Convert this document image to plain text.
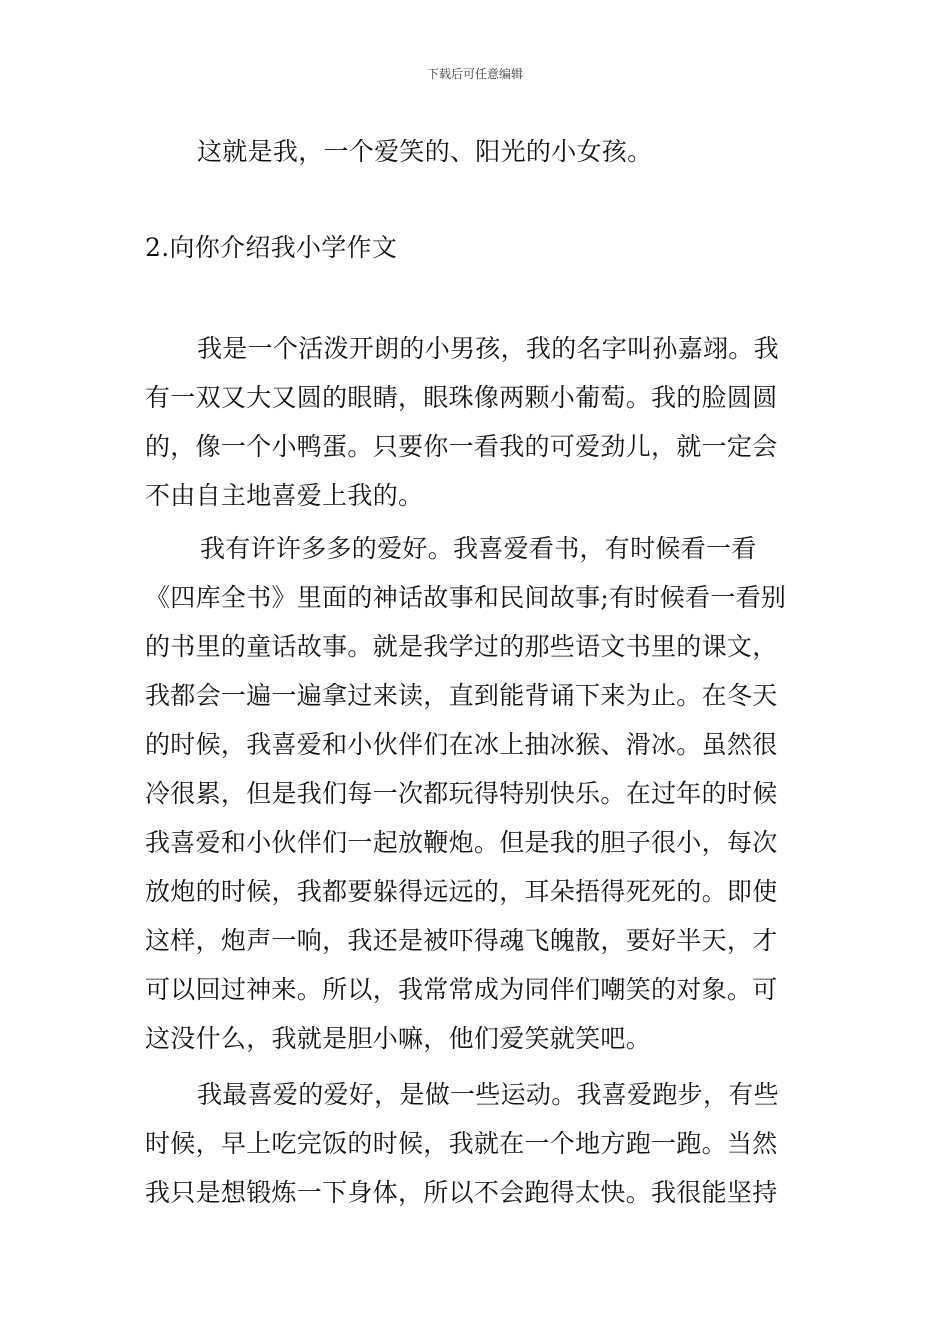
下载后可任意编辑
这就是我，一个爱笑的、阳光的小女孩。
2.向你介绍我小学作文
我是一个活泼开朗的小男孩，我的名字叫孙嘉翊。我
有一双又大又圆的眼睛，眼珠像两颗小葡萄。我的脸圆圆
的，像一个小鸭蛋。只要你一看我的可爱劲儿，就一定会
不由自主地喜爱上我的。
我有许许多多的爱好。我喜爱看书，有时候看一看
《四库全书》里面的神话故事和民间故事;有时候看一看别
的书里的童话故事。就是我学过的那些语文书里的课文，
我都会一遍一遍拿过来读，直到能背诵下来为止。在冬天
的时候，我喜爱和小伙伴们在冰上抽冰猴、滑冰。虽然很
冷很累，但是我们每一次都玩得特别快乐。在过年的时候
我喜爱和小伙伴们一起放鞭炮。但是我的胆子很小，每次
放炮的时候，我都要躲得远远的，耳朵捂得死死的。即使
这样，炮声一响，我还是被吓得魂飞魄散，要好半天，才
可以回过神来。所以，我常常成为同伴们嘲笑的对象。可
这没什么，我就是胆小嘛，他们爱笑就笑吧。
我最喜爱的爱好，是做一些运动。我喜爱跑步，有些
时候，早上吃完饭的时候，我就在一个地方跑一跑。当然
我只是想锻炼一下身体，所以不会跑得太快。我很能坚持
